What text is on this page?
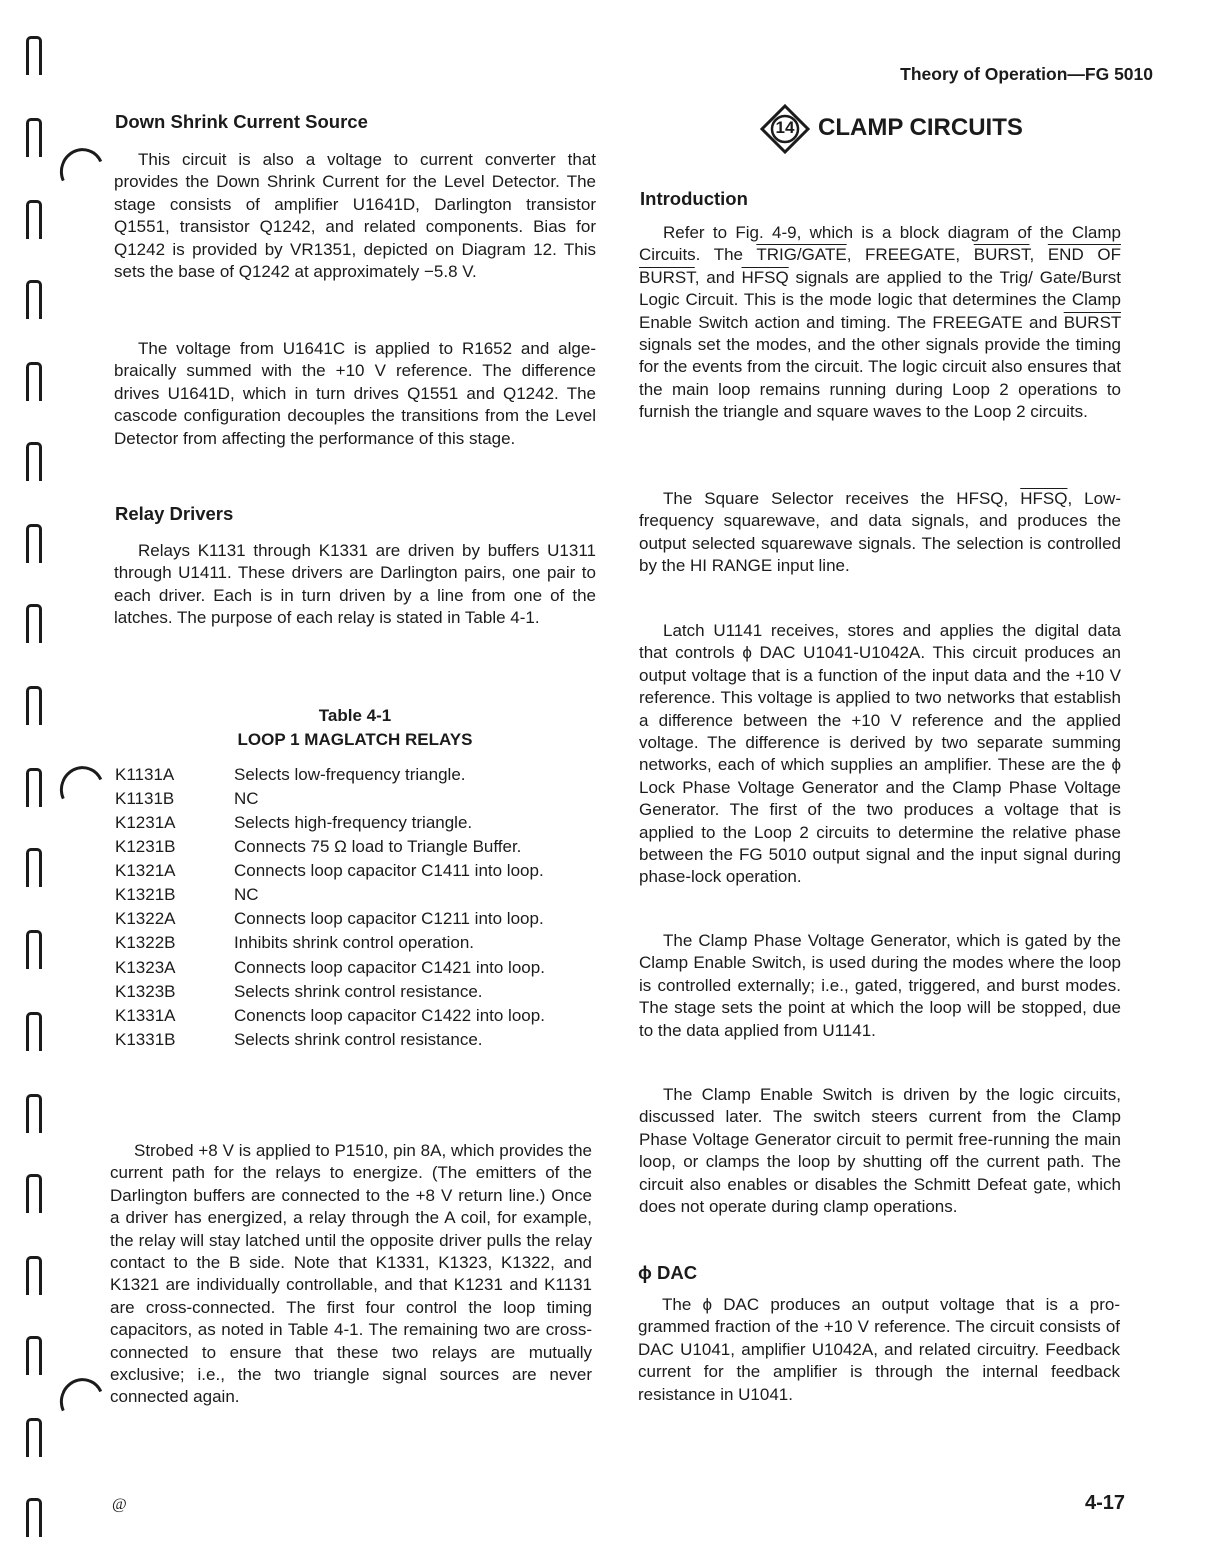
Theory of Operation—FG 5010
Down Shrink Current Source

This circuit is also a voltage to current converter that provides the Down Shrink Current for the Level Detector. The stage consists of amplifier U1641D, Darlington transistor Q1551, transistor Q1242, and related components. Bias for Q1242 is provided by VR1351, depicted on Diagram 12. This sets the base of Q1242 at approximately −5.8 V.

The voltage from U1641C is applied to R1652 and algebraically summed with the +10 V reference. The difference drives U1641D, which in turn drives Q1551 and Q1242. The cascode configuration decouples the transitions from the Level Detector from affecting the performance of this stage.

Relay Drivers

Relays K1131 through K1331 are driven by buffers U1311 through U1411. These drivers are Darlington pairs, one pair to each driver. Each is in turn driven by a line from one of the latches. The purpose of each relay is stated in Table 4-1.

Table 4-1
LOOP 1 MAGLATCH RELAYS
K1131A	Selects low-frequency triangle.
K1131B	NC
K1231A	Selects high-frequency triangle.
K1231B	Connects 75 Ω load to Triangle Buffer.
K1321A	Connects loop capacitor C1411 into loop.
K1321B	NC
K1322A	Connects loop capacitor C1211 into loop.
K1322B	Inhibits shrink control operation.
K1323A	Connects loop capacitor C1421 into loop.
K1323B	Selects shrink control resistance.
K1331A	Conencts loop capacitor C1422 into loop.
K1331B	Selects shrink control resistance.

Strobed +8 V is applied to P1510, pin 8A, which provides the current path for the relays to energize. (The emitters of the Darlington buffers are connected to the +8 V return line.) Once a driver has energized, a relay through the A coil, for example, the relay will stay latched until the opposite driver pulls the relay contact to the B side. Note that K1331, K1323, K1322, and K1321 are individually controllable, and that K1231 and K1131 are cross-connected. The first four control the loop timing capacitors, as noted in Table 4-1. The remaining two are cross-connected to ensure that these two relays are mutually exclusive; i.e., the two triangle signal sources are never connected again.

14 CLAMP CIRCUITS
Introduction

Refer to Fig. 4-9, which is a block diagram of the Clamp Circuits. The TRIG/GATE, FREEGATE, BURST, END OF BURST, and HFSQ signals are applied to the Trig/ Gate/Burst Logic Circuit. This is the mode logic that determines the Clamp Enable Switch action and timing. The FREEGATE and BURST signals set the modes, and the other signals provide the timing for the events from the circuit. The logic circuit also ensures that the main loop remains running during Loop 2 operations to furnish the triangle and square waves to the Loop 2 circuits.

The Square Selector receives the HFSQ, HFSQ, Low-frequency squarewave, and data signals, and produces the output selected squarewave signals. The selection is controlled by the HI RANGE input line.

Latch U1141 receives, stores and applies the digital data that controls ϕ DAC U1041-U1042A. This circuit produces an output voltage that is a function of the input data and the +10 V reference. This voltage is applied to two networks that establish a difference between the +10 V reference and the applied voltage. The difference is derived by two separate summing networks, each of which supplies an amplifier. These are the ϕ Lock Phase Voltage Generator and the Clamp Phase Voltage Generator. The first of the two produces a voltage that is applied to the Loop 2 circuits to determine the relative phase between the FG 5010 output signal and the input signal during phase-lock operation.

The Clamp Phase Voltage Generator, which is gated by the Clamp Enable Switch, is used during the modes where the loop is controlled externally; i.e., gated, triggered, and burst modes. The stage sets the point at which the loop will be stopped, due to the data applied from U1141.

The Clamp Enable Switch is driven by the logic circuits, discussed later. The switch steers current from the Clamp Phase Voltage Generator circuit to permit free-running the main loop, or clamps the loop by shutting off the current path. The circuit also enables or disables the Schmitt Defeat gate, which does not operate during clamp operations.

ϕ DAC

The ϕ DAC produces an output voltage that is a programmed fraction of the +10 V reference. The circuit consists of DAC U1041, amplifier U1042A, and related circuitry. Feedback current for the amplifier is through the internal feedback resistance in U1041.

@	4-17
